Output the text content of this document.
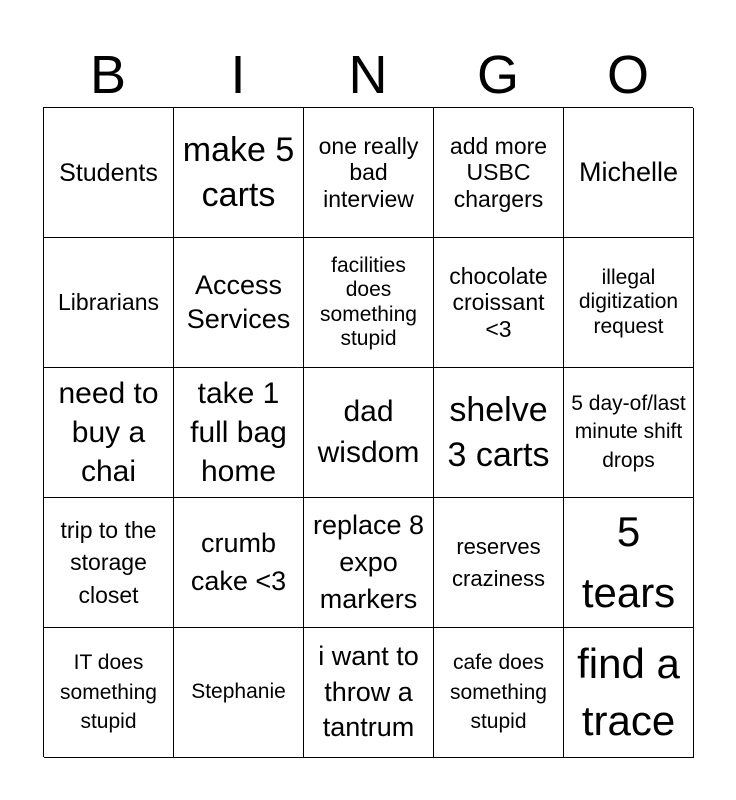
B	I	N	G	O
Students
make 5 carts
one really bad interview
add more USBC chargers
Michelle
Librarians
Access Services
facilities does something stupid
chocolate croissant <3
illegal digitization request
need to buy a chai
take 1 full bag home
dad wisdom
shelve 3 carts
5 day-of/last minute shift drops
trip to the storage closet
crumb cake <3
replace 8 expo markers
reserves craziness
5 tears
IT does something stupid
Stephanie
i want to throw a tantrum
cafe does something stupid
find a trace
